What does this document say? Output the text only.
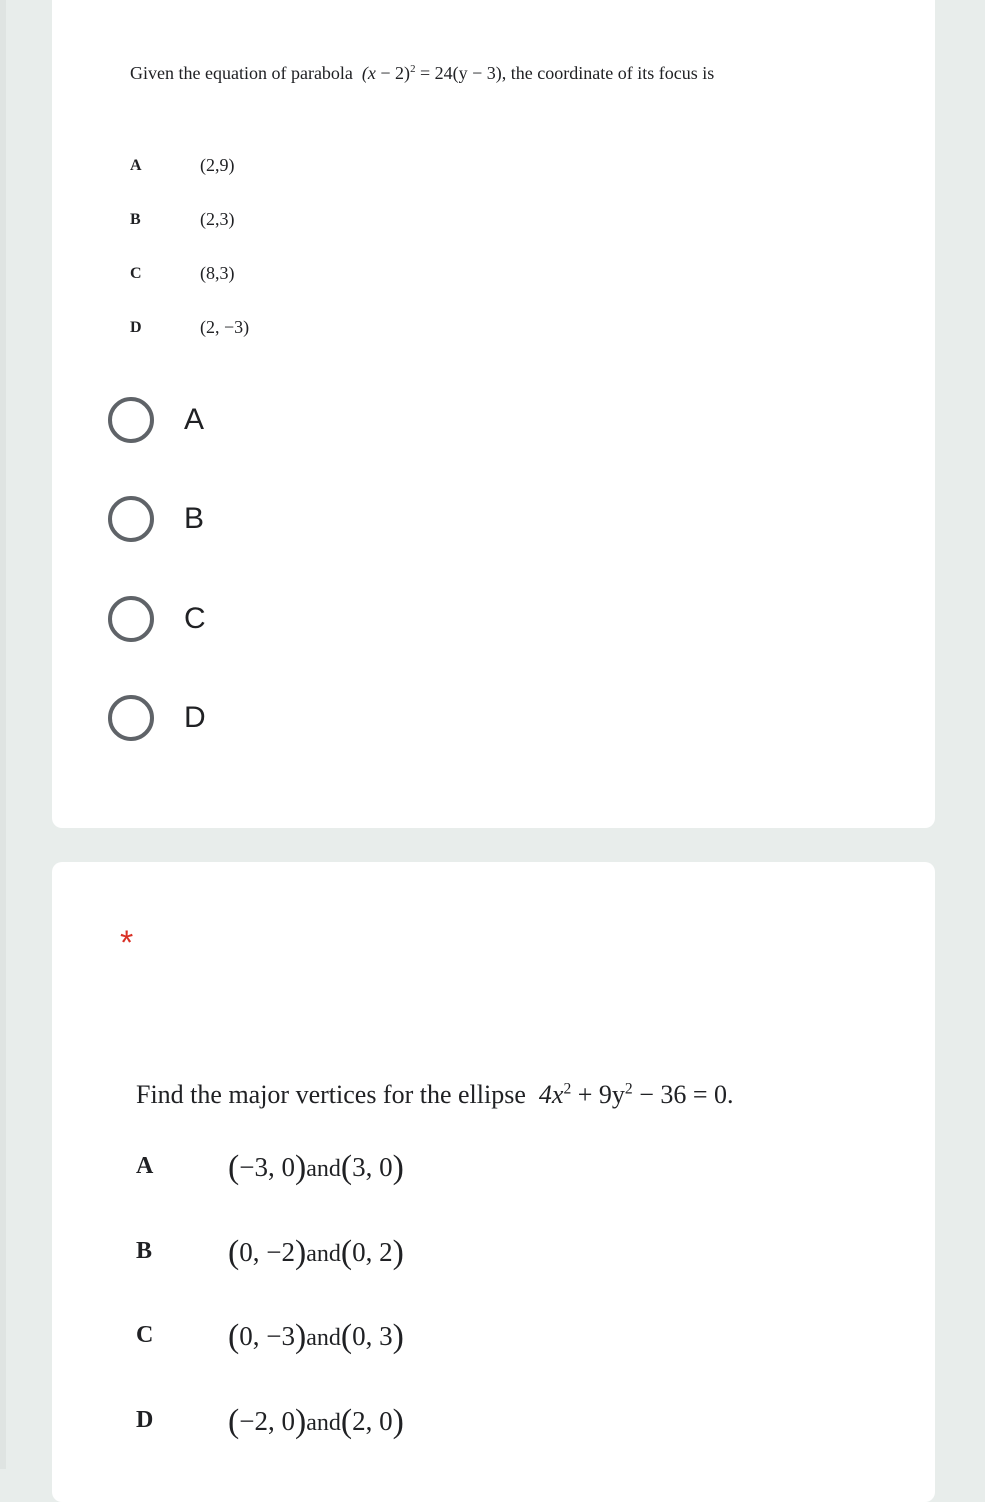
Given the equation of parabola $(x - 2)^2 = 24(y - 3)$, the coordinate of its focus is
A	(2,9)
B	(2,3)
C	(8,3)
D	(2, −3)
A
B
C
D
*
Find the major vertices for the ellipse $4x^2 + 9y^2 - 36 = 0$.
A (−3, 0)and(3, 0)
B (0, −2)and(0, 2)
C (0, −3)and(0, 3)
D (−2, 0)and(2, 0)
